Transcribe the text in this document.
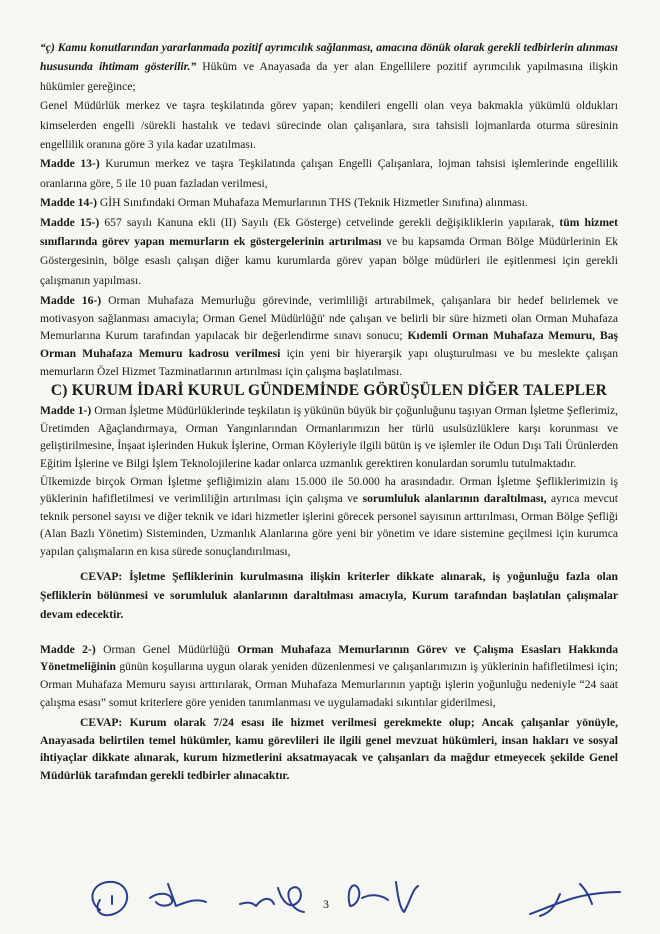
“ç) Kamu konutlarından yararlanmada pozitif ayrımcılık sağlanması, amacına dönük olarak gerekli tedbirlerin alınması hususunda ihtimam gösterilir.” Hüküm ve Anayasada da yer alan Engellilere pozitif ayrımcılık yapılmasına ilişkin hükümler gereğince;

Genel Müdürlük merkez ve taşra teşkilatında görev yapan; kendileri engelli olan veya bakmakla yükümlü oldukları kimselerden engelli /sürekli hastalık ve tedavi sürecinde olan çalışanlara, sıra tahsisli lojmanlarda oturma süresinin engellilik oranına göre 3 yıla kadar uzatılması.

Madde 13-) Kurumun merkez ve taşra Teşkilatında çalışan Engelli Çalışanlara, lojman tahsisi işlemlerinde engellilik oranlarına göre, 5 ile 10 puan fazladan verilmesi,

Madde 14-) GİH Sınıfındaki Orman Muhafaza Memurlarının THS (Teknik Hizmetler Sınıfına) alınması.

Madde 15-) 657 sayılı Kanuna ekli (II) Sayılı (Ek Gösterge) cetvelinde gerekli değişikliklerin yapılarak, tüm hizmet sınıflarında görev yapan memurların ek göstergelerinin artırılması ve bu kapsamda Orman Bölge Müdürlerinin Ek Göstergesinin, bölge esaslı çalışan diğer kamu kurumlarda görev yapan bölge müdürleri ile eşitlenmesi için gerekli çalışmanın yapılması.

Madde 16-) Orman Muhafaza Memurluğu görevinde, verimliliği artırabilmek, çalışanlara bir hedef belirlemek ve motivasyon sağlanması amacıyla; Orman Genel Müdürlüğü' nde çalışan ve belirli bir süre hizmeti olan Orman Muhafaza Memurlarına Kurum tarafından yapılacak bir değerlendirme sınavı sonucu; Kıdemli Orman Muhafaza Memuru, Baş Orman Muhafaza Memuru kadrosu verilmesi için yeni bir hiyerarşik yapı oluşturulması ve bu meslekte çalışan memurların Özel Hizmet Tazminatlarının artırılması için çalışma başlatılması.

C) KURUM İDARİ KURUL GÜNDEMİNDE GÖRÜŞÜLEN DİĞER TALEPLER

Madde 1-) Orman İşletme Müdürlüklerinde teşkilatın iş yükünün büyük bir çoğunluğunu taşıyan Orman İşletme Şeflerimiz, Üretimden Ağaçlandırmaya, Orman Yangınlarından Ormanlarımızın her türlü usulsüzlüklere karşı korunması ve geliştirilmesine, İnşaat işlerinden Hukuk İşlerine, Orman Köyleriyle ilgili bütün iş ve işlemler ile Odun Dışı Tali Ürünlerden Eğitim İşlerine ve Bilgi İşlem Teknolojilerine kadar onlarca uzmanlık gerektiren konulardan sorumlu tutulmaktadır.

Ülkemizde birçok Orman İşletme şefliğimizin alanı 15.000 ile 50.000 ha arasındadır. Orman İşletme Şefliklerimizin iş yüklerinin hafifletilmesi ve verimliliğin artırılması için çalışma ve sorumluluk alanlarının daraltılması, ayrıca mevcut teknik personel sayısı ve diğer teknik ve idari hizmetler işlerini görecek personel sayısının arttırılması, Orman Bölge Şefliği (Alan Bazlı Yönetim) Sisteminden, Uzmanlık Alanlarına göre yeni bir yönetim ve idare sistemine geçilmesi için kurumca yapılan çalışmaların en kısa sürede sonuçlandırılması,

CEVAP: İşletme Şefliklerinin kurulmasına ilişkin kriterler dikkate alınarak, iş yoğunluğu fazla olan Şefliklerin bölünmesi ve sorumluluk alanlarının daraltılması amacıyla, Kurum tarafından başlatılan çalışmalar devam edecektir.

Madde 2-) Orman Genel Müdürlüğü Orman Muhafaza Memurlarının Görev ve Çalışma Esasları Hakkında Yönetmeliğinin günün koşullarına uygun olarak yeniden düzenlenmesi ve çalışanlarımızın iş yüklerinin hafifletilmesi için; Orman Muhafaza Memuru sayısı arttırılarak, Orman Muhafaza Memurlarının yaptığı işlerin yoğunluğu nedeniyle “24 saat çalışma esası” somut kriterlere göre yeniden tanımlanması ve uygulamadaki sıkıntılar giderilmesi,

CEVAP: Kurum olarak 7/24 esası ile hizmet verilmesi gerekmekte olup; Ancak çalışanlar yönüyle, Anayasada belirtilen temel hükümler, kamu görevlileri ile ilgili genel mevzuat hükümleri, insan hakları ve sosyal ihtiyaçlar dikkate alınarak, kurum hizmetlerini aksatmayacak ve çalışanları da mağdur etmeyecek şekilde Genel Müdürlük tarafından gerekli tedbirler alınacaktır.

3
